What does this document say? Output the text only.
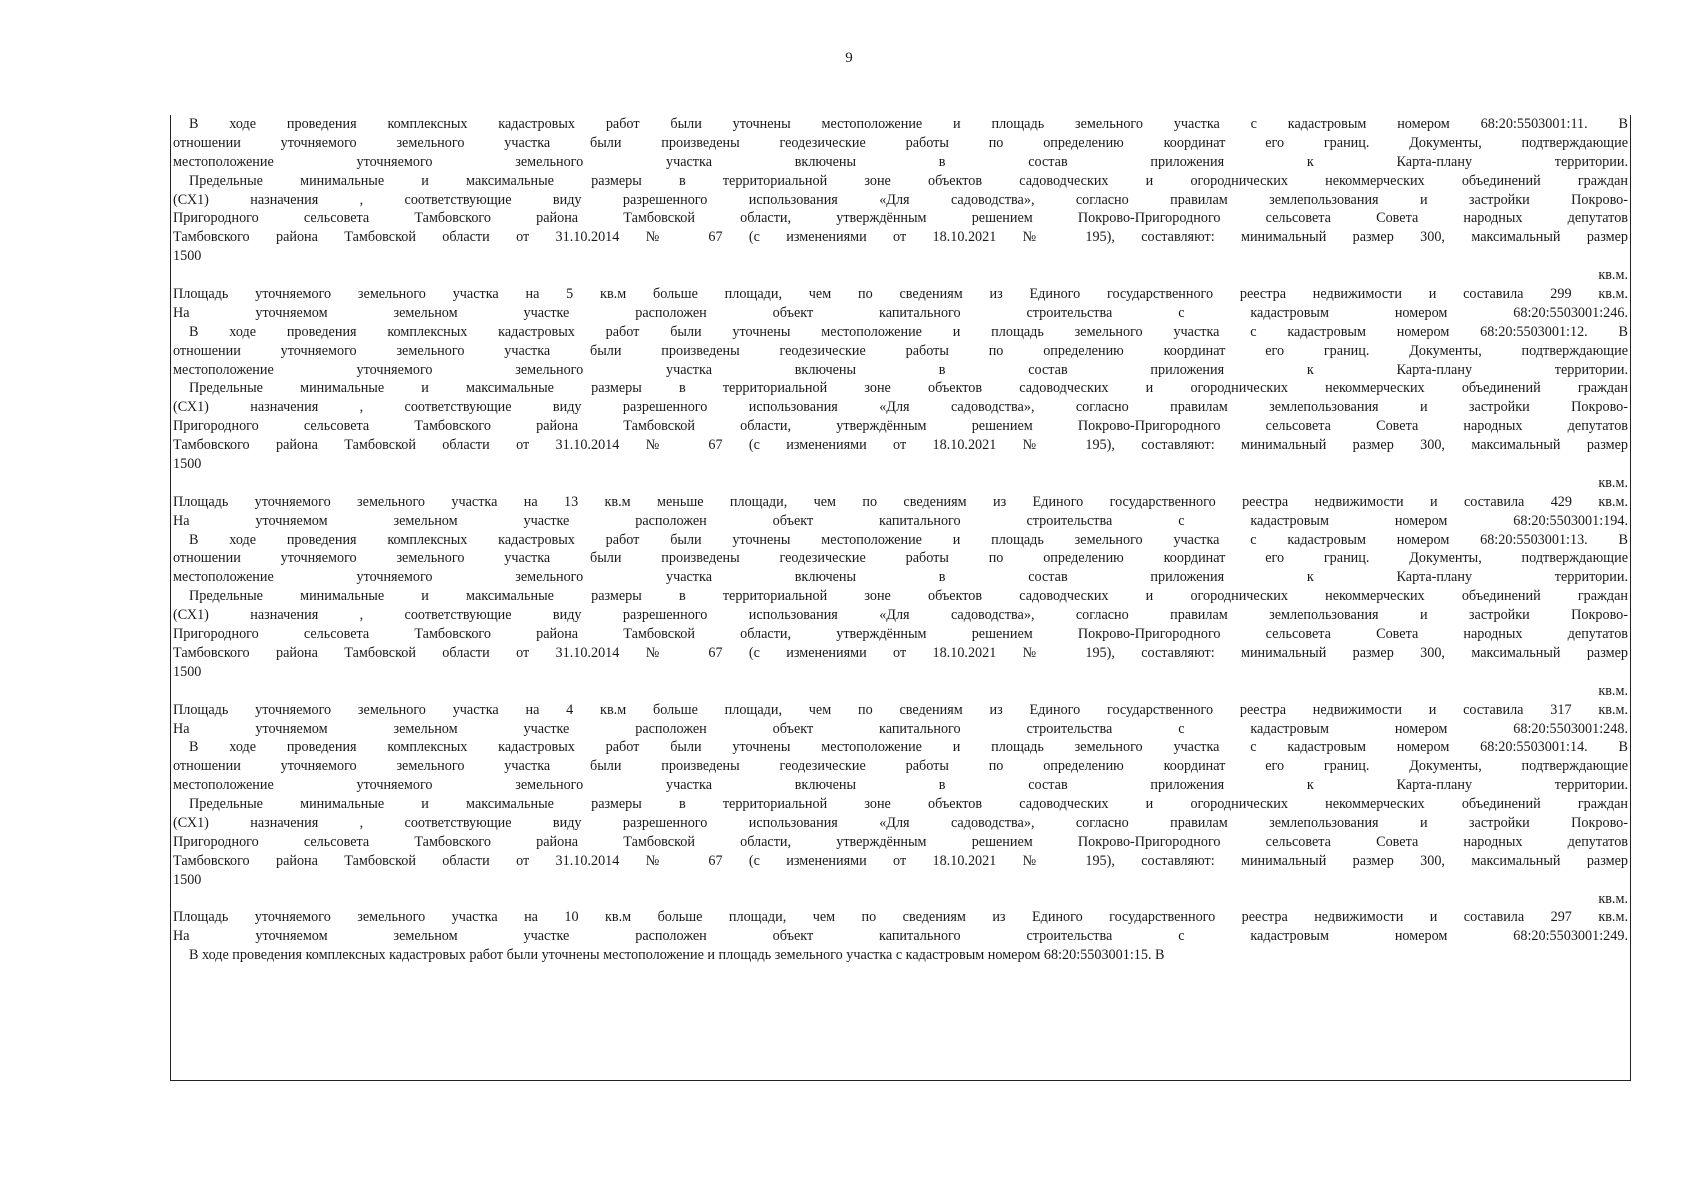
9
В ходе проведения комплексных кадастровых работ были уточнены местоположение и площадь земельного участка с кадастровым номером 68:20:5503001:11. В
отношении уточняемого земельного участка были произведены геодезические работы по определению координат его границ. Документы, подтверждающие
местоположение уточняемого земельного участка включены в состав приложения к Карта-плану территории.
Предельные минимальные и максимальные размеры в территориальной зоне объектов садоводческих и огороднических некоммерческих объединений граждан
(СХ1) назначения , соответствующие виду разрешенного использования «Для садоводства», согласно правилам землепользования и застройки Покрово-
Пригородного сельсовета Тамбовского района Тамбовской области, утверждённым решением Покрово-Пригородного сельсовета Совета народных депутатов
Тамбовского района Тамбовской области от 31.10.2014 № 67 (с изменениями от 18.10.2021 № 195), составляют: минимальный размер 300, максимальный размер
1500
кв.м.
Площадь уточняемого земельного участка на 5 кв.м больше площади, чем по сведениям из Единого государственного реестра недвижимости и составила 299 кв.м.
На уточняемом земельном участке расположен объект капитального строительства с кадастровым номером 68:20:5503001:246.
В ходе проведения комплексных кадастровых работ были уточнены местоположение и площадь земельного участка с кадастровым номером 68:20:5503001:12. В
отношении уточняемого земельного участка были произведены геодезические работы по определению координат его границ. Документы, подтверждающие
местоположение уточняемого земельного участка включены в состав приложения к Карта-плану территории.
Предельные минимальные и максимальные размеры в территориальной зоне объектов садоводческих и огороднических некоммерческих объединений граждан
(СХ1) назначения , соответствующие виду разрешенного использования «Для садоводства», согласно правилам землепользования и застройки Покрово-
Пригородного сельсовета Тамбовского района Тамбовской области, утверждённым решением Покрово-Пригородного сельсовета Совета народных депутатов
Тамбовского района Тамбовской области от 31.10.2014 № 67 (с изменениями от 18.10.2021 № 195), составляют: минимальный размер 300, максимальный размер
1500
кв.м.
Площадь уточняемого земельного участка на 13 кв.м меньше площади, чем по сведениям из Единого государственного реестра недвижимости и составила 429 кв.м.
На уточняемом земельном участке расположен объект капитального строительства с кадастровым номером 68:20:5503001:194.
В ходе проведения комплексных кадастровых работ были уточнены местоположение и площадь земельного участка с кадастровым номером 68:20:5503001:13. В
отношении уточняемого земельного участка были произведены геодезические работы по определению координат его границ. Документы, подтверждающие
местоположение уточняемого земельного участка включены в состав приложения к Карта-плану территории.
Предельные минимальные и максимальные размеры в территориальной зоне объектов садоводческих и огороднических некоммерческих объединений граждан
(СХ1) назначения , соответствующие виду разрешенного использования «Для садоводства», согласно правилам землепользования и застройки Покрово-
Пригородного сельсовета Тамбовского района Тамбовской области, утверждённым решением Покрово-Пригородного сельсовета Совета народных депутатов
Тамбовского района Тамбовской области от 31.10.2014 № 67 (с изменениями от 18.10.2021 № 195), составляют: минимальный размер 300, максимальный размер
1500
кв.м.
Площадь уточняемого земельного участка на 4 кв.м больше площади, чем по сведениям из Единого государственного реестра недвижимости и составила 317 кв.м.
На уточняемом земельном участке расположен объект капитального строительства с кадастровым номером 68:20:5503001:248.
В ходе проведения комплексных кадастровых работ были уточнены местоположение и площадь земельного участка с кадастровым номером 68:20:5503001:14. В
отношении уточняемого земельного участка были произведены геодезические работы по определению координат его границ. Документы, подтверждающие
местоположение уточняемого земельного участка включены в состав приложения к Карта-плану территории.
Предельные минимальные и максимальные размеры в территориальной зоне объектов садоводческих и огороднических некоммерческих объединений граждан
(СХ1) назначения , соответствующие виду разрешенного использования «Для садоводства», согласно правилам землепользования и застройки Покрово-
Пригородного сельсовета Тамбовского района Тамбовской области, утверждённым решением Покрово-Пригородного сельсовета Совета народных депутатов
Тамбовского района Тамбовской области от 31.10.2014 № 67 (с изменениями от 18.10.2021 № 195), составляют: минимальный размер 300, максимальный размер
1500
кв.м.
Площадь уточняемого земельного участка на 10 кв.м больше площади, чем по сведениям из Единого государственного реестра недвижимости и составила 297 кв.м.
На уточняемом земельном участке расположен объект капитального строительства с кадастровым номером 68:20:5503001:249.
В ходе проведения комплексных кадастровых работ были уточнены местоположение и площадь земельного участка с кадастровым номером 68:20:5503001:15. В
